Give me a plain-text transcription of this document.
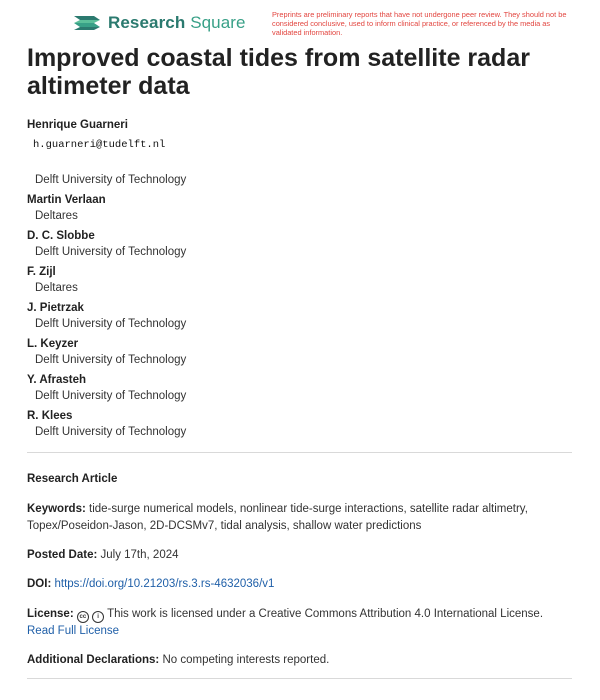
Research Square	Preprints are preliminary reports that have not undergone peer review. They should not be considered conclusive, used to inform clinical practice, or referenced by the media as validated information.
Improved coastal tides from satellite radar altimeter data
Henrique Guarneri
h.guarneri@tudelft.nl
Delft University of Technology
Martin Verlaan
Deltares
D. C. Slobbe
Delft University of Technology
F. Zijl
Deltares
J. Pietrzak
Delft University of Technology
L. Keyzer
Delft University of Technology
Y. Afrasteh
Delft University of Technology
R. Klees
Delft University of Technology
Research Article
Keywords: tide-surge numerical models, nonlinear tide-surge interactions, satellite radar altimetry, Topex/Poseidon-Jason, 2D-DCSMv7, tidal analysis, shallow water predictions
Posted Date: July 17th, 2024
DOI: https://doi.org/10.21203/rs.3.rs-4632036/v1
License: cc i This work is licensed under a Creative Commons Attribution 4.0 International License.
Read Full License
Additional Declarations: No competing interests reported.
